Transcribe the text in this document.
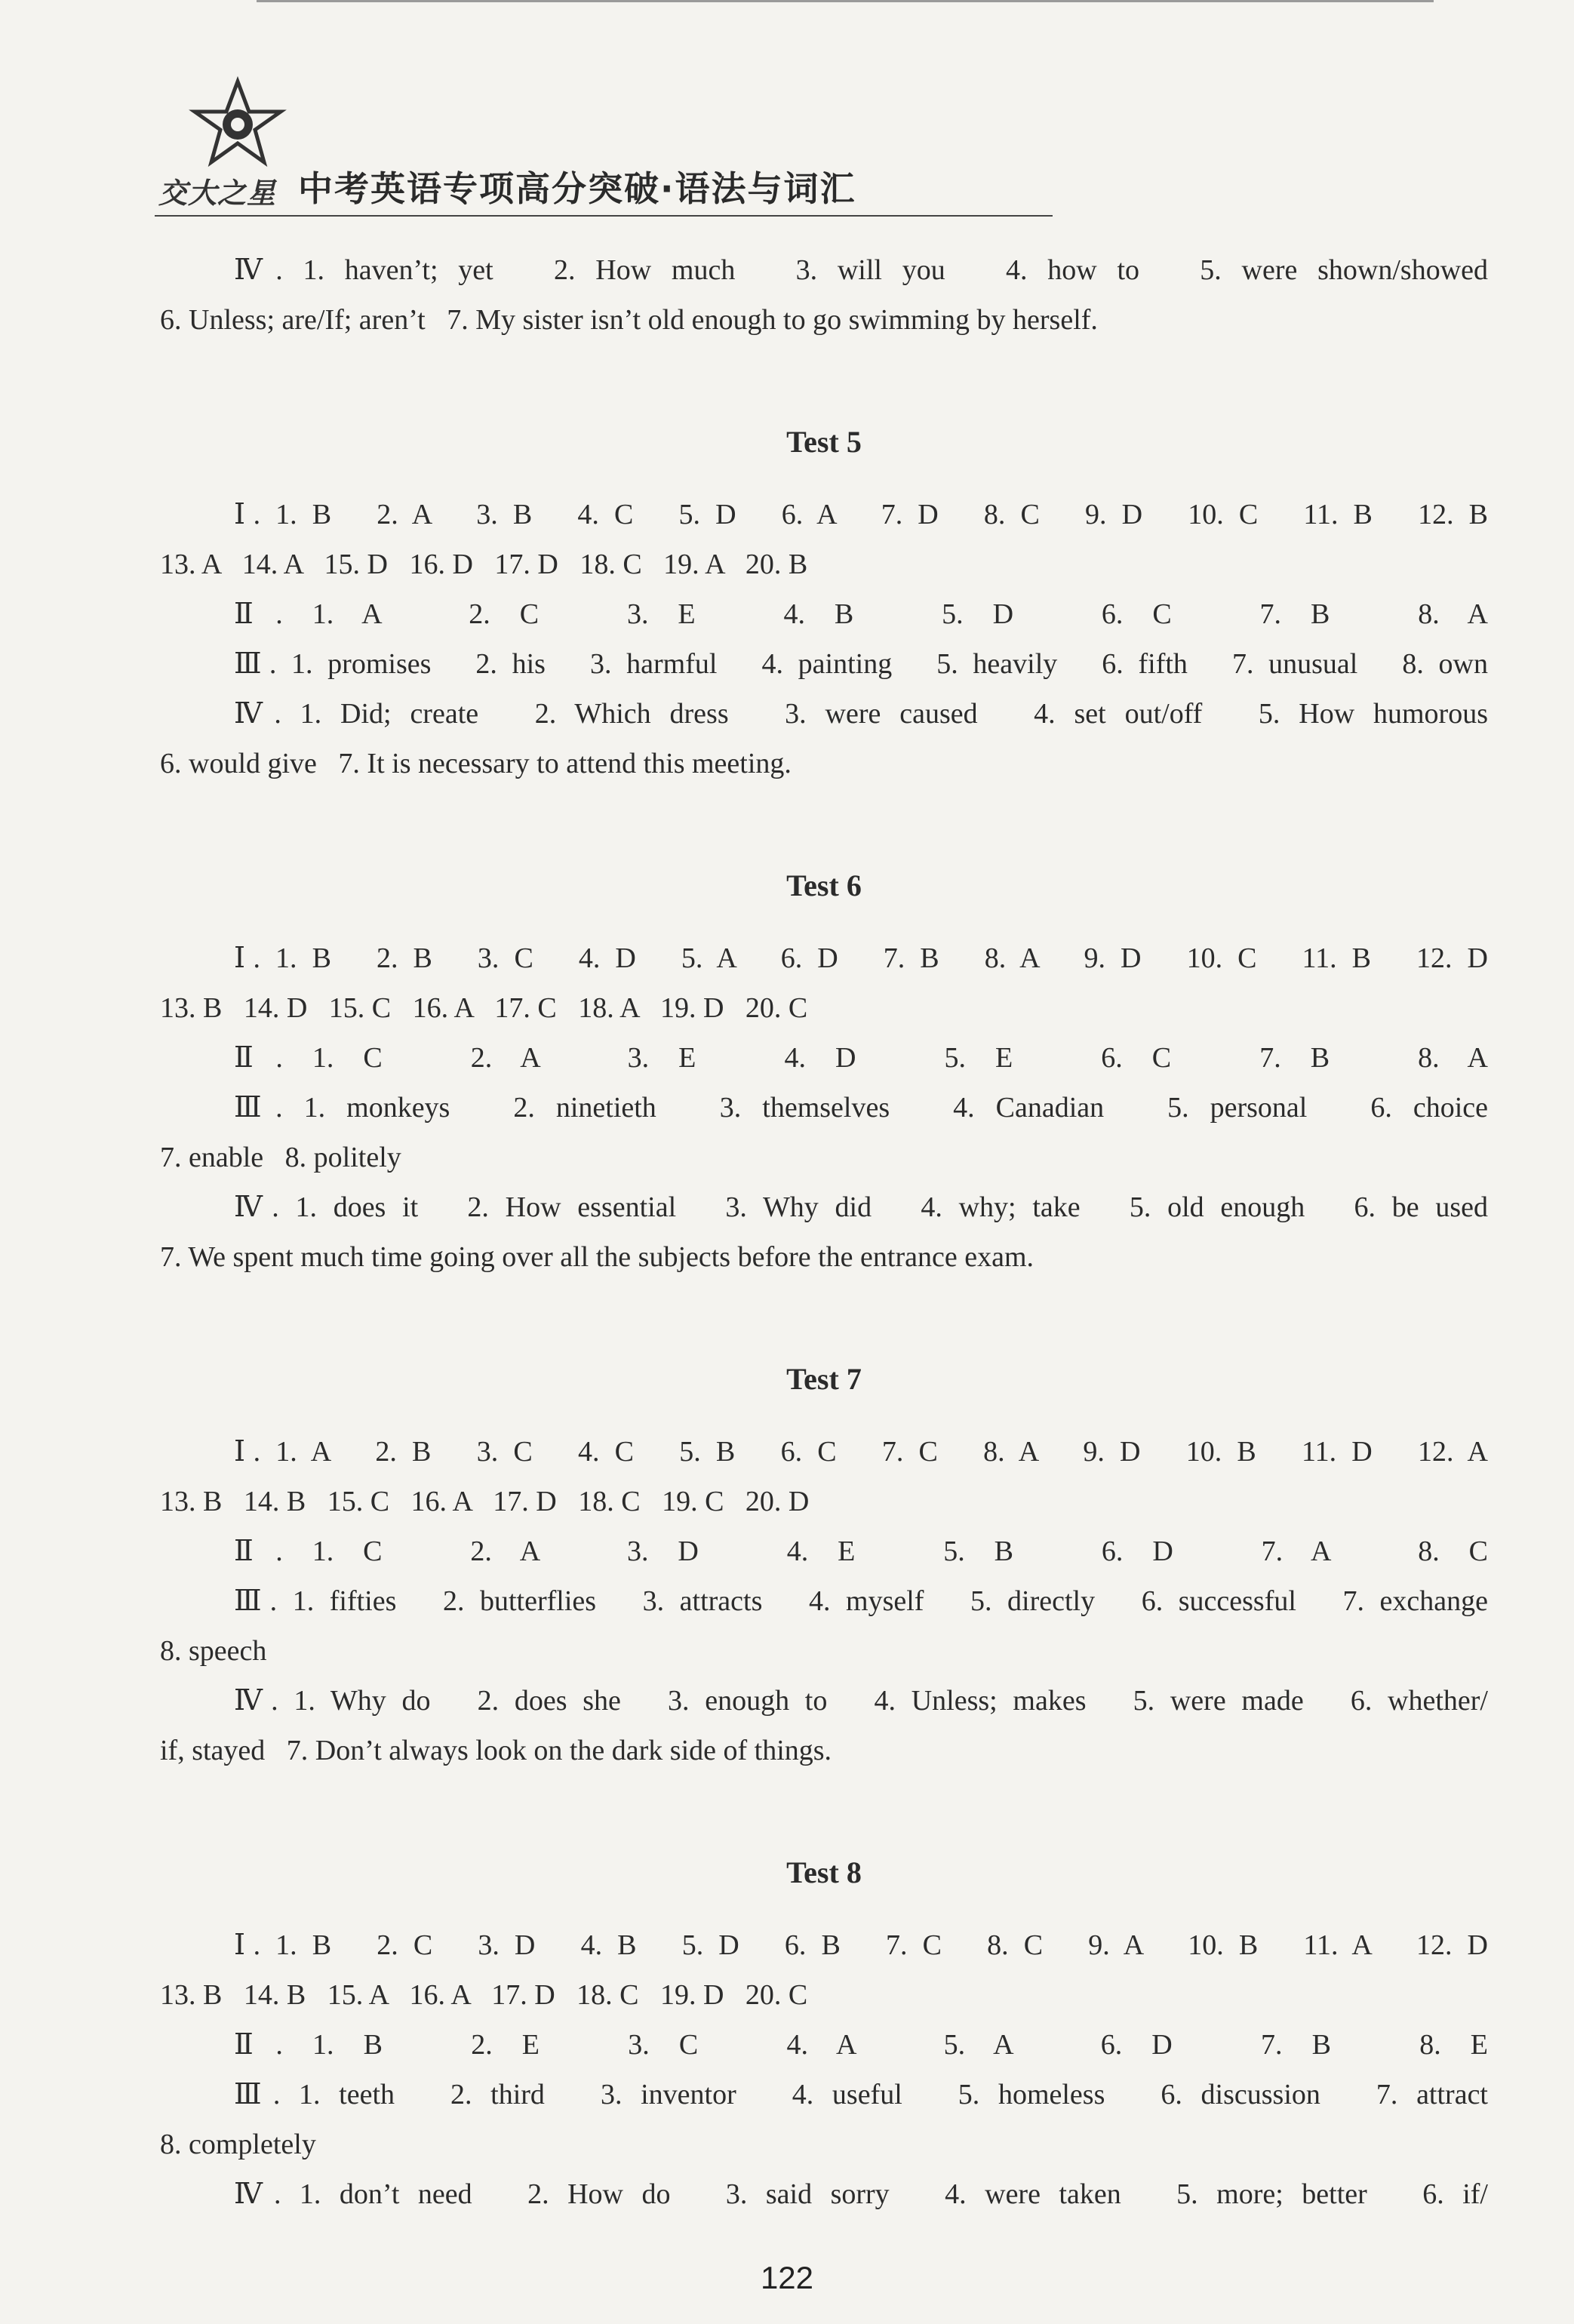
交大之星 中考英语专项高分突破·语法与词汇
Ⅳ. 1. haven’t; yet   2. How much   3. will you   4. how to   5. were shown/showed
6. Unless; are/If; aren’t   7. My sister isn’t old enough to go swimming by herself.
Test 5
Ⅰ. 1. B   2. A   3. B   4. C   5. D   6. A   7. D   8. C   9. D   10. C   11. B   12. B
13. A   14. A   15. D   16. D   17. D   18. C   19. A   20. B
Ⅱ. 1. A   2. C   3. E   4. B   5. D   6. C   7. B   8. A
Ⅲ. 1. promises   2. his   3. harmful   4. painting   5. heavily   6. fifth   7. unusual   8. own
Ⅳ. 1. Did; create   2. Which dress   3. were caused   4. set out/off   5. How humorous
6. would give   7. It is necessary to attend this meeting.
Test 6
Ⅰ. 1. B   2. B   3. C   4. D   5. A   6. D   7. B   8. A   9. D   10. C   11. B   12. D
13. B   14. D   15. C   16. A   17. C   18. A   19. D   20. C
Ⅱ. 1. C   2. A   3. E   4. D   5. E   6. C   7. B   8. A
Ⅲ. 1. monkeys   2. ninetieth   3. themselves   4. Canadian   5. personal   6. choice
7. enable   8. politely
Ⅳ. 1. does it   2. How essential   3. Why did   4. why; take   5. old enough   6. be used
7. We spent much time going over all the subjects before the entrance exam.
Test 7
Ⅰ. 1. A   2. B   3. C   4. C   5. B   6. C   7. C   8. A   9. D   10. B   11. D   12. A
13. B   14. B   15. C   16. A   17. D   18. C   19. C   20. D
Ⅱ. 1. C   2. A   3. D   4. E   5. B   6. D   7. A   8. C
Ⅲ. 1. fifties   2. butterflies   3. attracts   4. myself   5. directly   6. successful   7. exchange
8. speech
Ⅳ. 1. Why do   2. does she   3. enough to   4. Unless; makes   5. were made   6. whether/
if, stayed   7. Don’t always look on the dark side of things.
Test 8
Ⅰ. 1. B   2. C   3. D   4. B   5. D   6. B   7. C   8. C   9. A   10. B   11. A   12. D
13. B   14. B   15. A   16. A   17. D   18. C   19. D   20. C
Ⅱ. 1. B   2. E   3. C   4. A   5. A   6. D   7. B   8. E
Ⅲ. 1. teeth   2. third   3. inventor   4. useful   5. homeless   6. discussion   7. attract
8. completely
Ⅳ. 1. don’t need   2. How do   3. said sorry   4. were taken   5. more; better   6. if/
122
